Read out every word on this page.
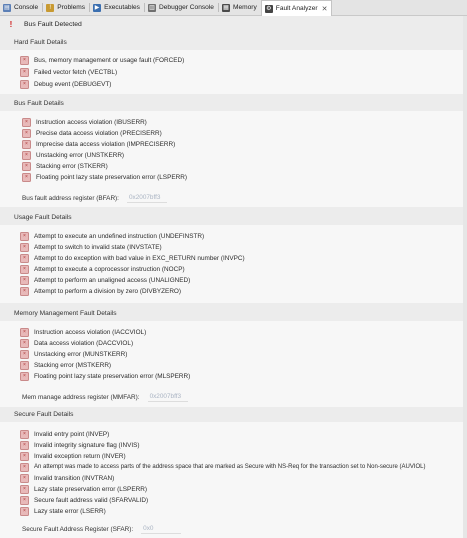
▤ Console	! Problems ▶ Executables ▥ Debugger Console ▦ Memory ⚙ Fault Analyzer ✕
!	Bus Fault Detected
Hard Fault Details
×	Bus, memory management or usage fault (FORCED)
×	Failed vector fetch (VECTBL)
×	Debug event (DEBUGEVT)
Bus Fault Details
×	Instruction access violation (IBUSERR)
×	Precise data access violation (PRECISERR)
×	Imprecise data access violation (IMPRECISERR)
×	Unstacking error (UNSTKERR)
×	Stacking error (STKERR)
×	Floating point lazy state preservation error (LSPERR)
Bus fault address register (BFAR):	0x2007bff3
Usage Fault Details
×	Attempt to execute an undefined instruction (UNDEFINSTR)
×	Attempt to switch to invalid state (INVSTATE)
×	Attempt to do exception with bad value in EXC_RETURN number (INVPC)
×	Attempt to execute a coprocessor instruction (NOCP)
×	Attempt to perform an unaligned access (UNALIGNED)
×	Attempt to perform a division by zero (DIVBYZERO)
Memory Management Fault Details
×	Instruction access violation (IACCVIOL)
×	Data access violation (DACCVIOL)
×	Unstacking error (MUNSTKERR)
×	Stacking error (MSTKERR)
×	Floating point lazy state preservation error (MLSPERR)
Mem manage address register (MMFAR):	0x2007bff3
Secure Fault Details
×	Invalid entry point (INVEP)
×	Invalid integrity signature flag (INVIS)
×	Invalid exception return (INVER)
×	An attempt was made to access parts of the address space that are marked as Secure with NS-Req for the transaction set to Non-secure (AUVIOL)
×	Invalid transition (INVTRAN)
×	Lazy state preservation error (LSPERR)
×	Secure fault address valid (SFARVALID)
×	Lazy state error (LSERR)
Secure Fault Address Register (SFAR):	0x0
